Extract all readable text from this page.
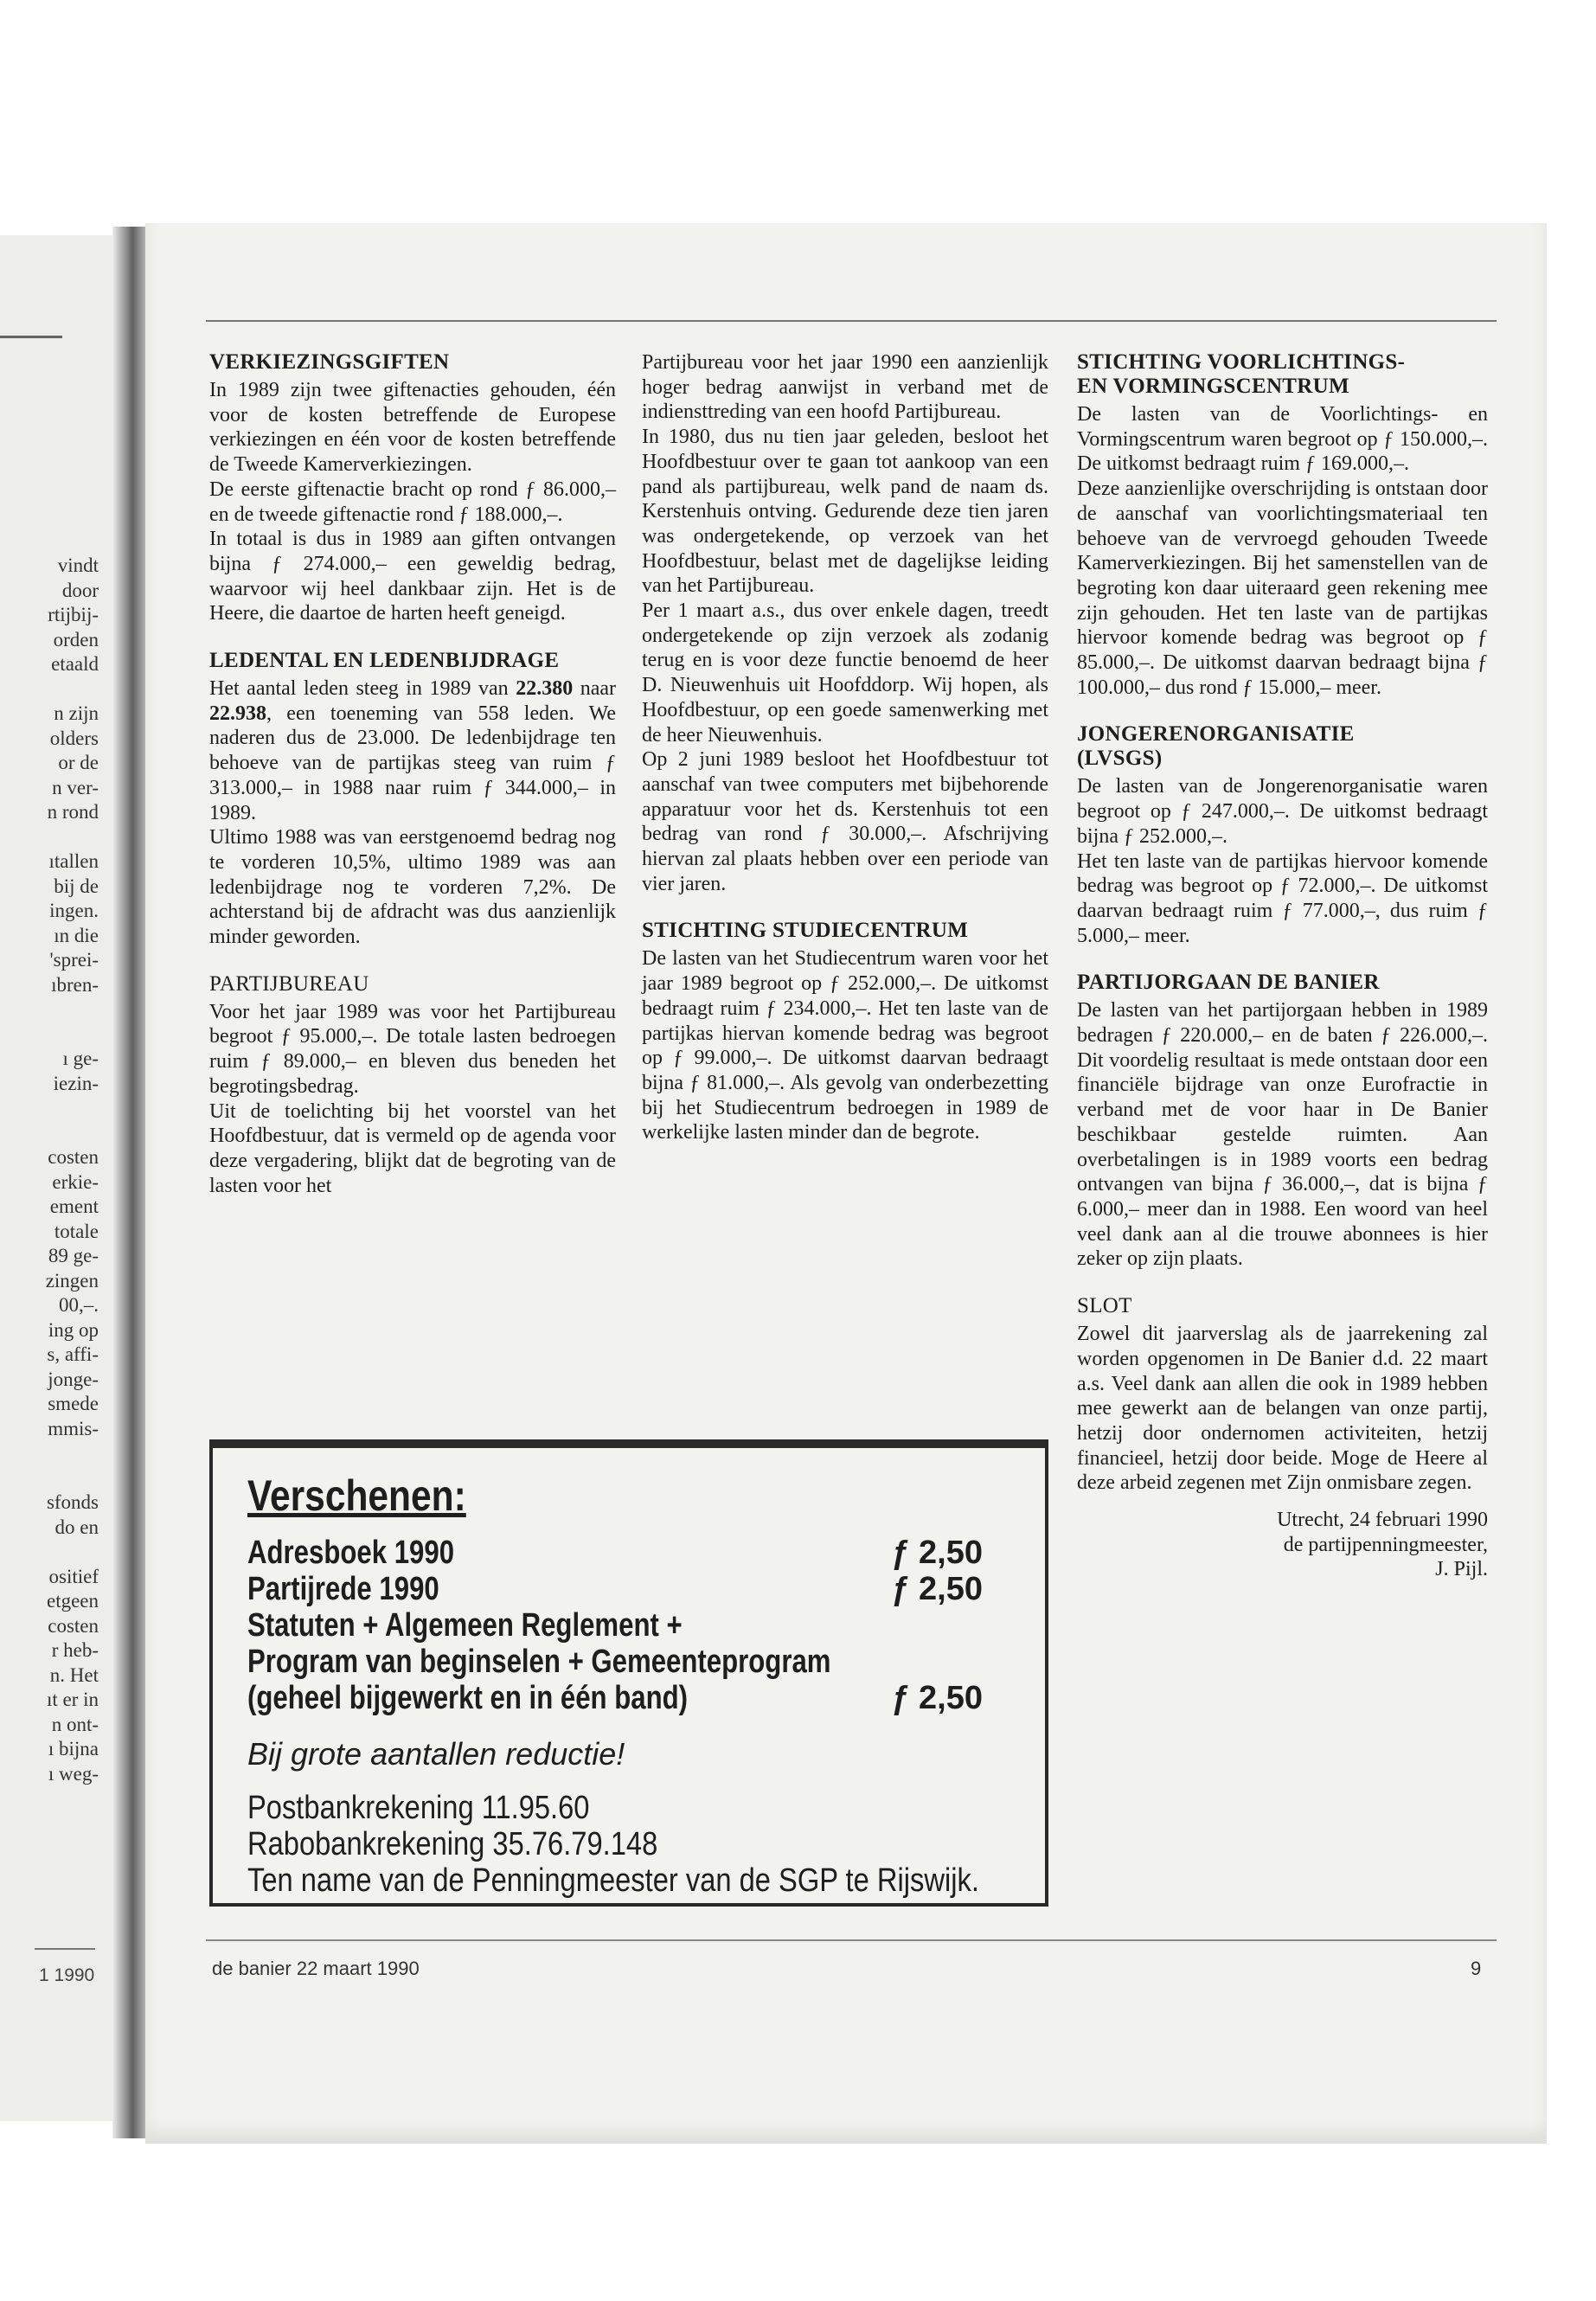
vindt
door
rtijbij-
orden
etaald

n zijn
olders
or de
n ver-
n rond

ıtallen
bij de
ingen.
ın die
'sprei-
ıbren-

ı ge-
iezin-

costen
erkie-
ement
totale
89 ge-
zingen
00,–.
ing op
s, affi-
jonge-
smede
mmis-

sfonds
do en

ositief
etgeen
costen
r heb-
n. Het
ıt er in
n ont-
ı bijna
ı weg-
1 1990
VERKIEZINGSGIFTEN

In 1989 zijn twee giftenacties gehouden, één voor de kosten betreffende de Europese verkiezingen en één voor de kosten betreffende de Tweede Kamerverkiezingen.

De eerste giftenactie bracht op rond ƒ 86.000,– en de tweede giftenactie rond ƒ 188.000,–.

In totaal is dus in 1989 aan giften ontvangen bijna ƒ 274.000,– een geweldig bedrag, waarvoor wij heel dankbaar zijn. Het is de Heere, die daartoe de harten heeft geneigd.

LEDENTAL EN LEDENBIJDRAGE

Het aantal leden steeg in 1989 van 22.380 naar 22.938, een toeneming van 558 leden. We naderen dus de 23.000. De ledenbijdrage ten behoeve van de partijkas steeg van ruim ƒ 313.000,– in 1988 naar ruim ƒ 344.000,– in 1989.

Ultimo 1988 was van eerstgenoemd bedrag nog te vorderen 10,5%, ultimo 1989 was aan ledenbijdrage nog te vorderen 7,2%. De achterstand bij de afdracht was dus aanzienlijk minder geworden.

PARTIJBUREAU

Voor het jaar 1989 was voor het Partijbureau begroot ƒ 95.000,–. De totale lasten bedroegen ruim ƒ 89.000,– en bleven dus beneden het begrotingsbedrag.

Uit de toelichting bij het voorstel van het Hoofdbestuur, dat is vermeld op de agenda voor deze vergadering, blijkt dat de begroting van de lasten voor het

Partijbureau voor het jaar 1990 een aanzienlijk hoger bedrag aanwijst in verband met de indiensttreding van een hoofd Partijbureau.

In 1980, dus nu tien jaar geleden, besloot het Hoofdbestuur over te gaan tot aankoop van een pand als partijbureau, welk pand de naam ds. Kerstenhuis ontving. Gedurende deze tien jaren was ondergetekende, op verzoek van het Hoofdbestuur, belast met de dagelijkse leiding van het Partijbureau.

Per 1 maart a.s., dus over enkele dagen, treedt ondergetekende op zijn verzoek als zodanig terug en is voor deze functie benoemd de heer D. Nieuwenhuis uit Hoofddorp. Wij hopen, als Hoofdbestuur, op een goede samenwerking met de heer Nieuwenhuis.

Op 2 juni 1989 besloot het Hoofdbestuur tot aanschaf van twee computers met bijbehorende apparatuur voor het ds. Kerstenhuis tot een bedrag van rond ƒ 30.000,–. Afschrijving hiervan zal plaats hebben over een periode van vier jaren.

STICHTING STUDIECENTRUM

De lasten van het Studiecentrum waren voor het jaar 1989 begroot op ƒ 252.000,–. De uitkomst bedraagt ruim ƒ 234.000,–. Het ten laste van de partijkas hiervan komende bedrag was begroot op ƒ 99.000,–. De uitkomst daarvan bedraagt bijna ƒ 81.000,–. Als gevolg van onderbezetting bij het Studiecentrum bedroegen in 1989 de werkelijke lasten minder dan de begrote.

STICHTING VOORLICHTINGS-
EN VORMINGSCENTRUM

De lasten van de Voorlichtings- en Vormingscentrum waren begroot op ƒ 150.000,–. De uitkomst bedraagt ruim ƒ 169.000,–.

Deze aanzienlijke overschrijding is ontstaan door de aanschaf van voorlichtingsmateriaal ten behoeve van de vervroegd gehouden Tweede Kamerverkiezingen. Bij het samenstellen van de begroting kon daar uiteraard geen rekening mee zijn gehouden. Het ten laste van de partijkas hiervoor komende bedrag was begroot op ƒ 85.000,–. De uitkomst daarvan bedraagt bijna ƒ 100.000,– dus rond ƒ 15.000,– meer.

JONGERENORGANISATIE
(LVSGS)

De lasten van de Jongerenorganisatie waren begroot op ƒ 247.000,–. De uitkomst bedraagt bijna ƒ 252.000,–.

Het ten laste van de partijkas hiervoor komende bedrag was begroot op ƒ 72.000,–. De uitkomst daarvan bedraagt ruim ƒ 77.000,–, dus ruim ƒ 5.000,– meer.

PARTIJORGAAN DE BANIER

De lasten van het partijorgaan hebben in 1989 bedragen ƒ 220.000,– en de baten ƒ 226.000,–. Dit voordelig resultaat is mede ontstaan door een financiële bijdrage van onze Eurofractie in verband met de voor haar in De Banier beschikbaar gestelde ruimten. Aan overbetalingen is in 1989 voorts een bedrag ontvangen van bijna ƒ 36.000,–, dat is bijna ƒ 6.000,– meer dan in 1988. Een woord van heel veel dank aan al die trouwe abonnees is hier zeker op zijn plaats.

SLOT

Zowel dit jaarverslag als de jaarrekening zal worden opgenomen in De Banier d.d. 22 maart a.s. Veel dank aan allen die ook in 1989 hebben mee gewerkt aan de belangen van onze partij, hetzij door ondernomen activiteiten, hetzij financieel, hetzij door beide. Moge de Heere al deze arbeid zegenen met Zijn onmisbare zegen.

Utrecht, 24 februari 1990

de partijpenningmeester,

J. Pijl.

Verschenen:
Adresboek 1990	ƒ 2,50
Partijrede 1990	ƒ 2,50
Statuten + Algemeen Reglement +
Program van beginselen + Gemeenteprogram
(geheel bijgewerkt en in één band)	ƒ 2,50
Bij grote aantallen reductie!
Postbankrekening 11.95.60
Rabobankrekening 35.76.79.148
Ten name van de Penningmeester van de SGP te Rijswijk.
de banier 22 maart 1990	9
